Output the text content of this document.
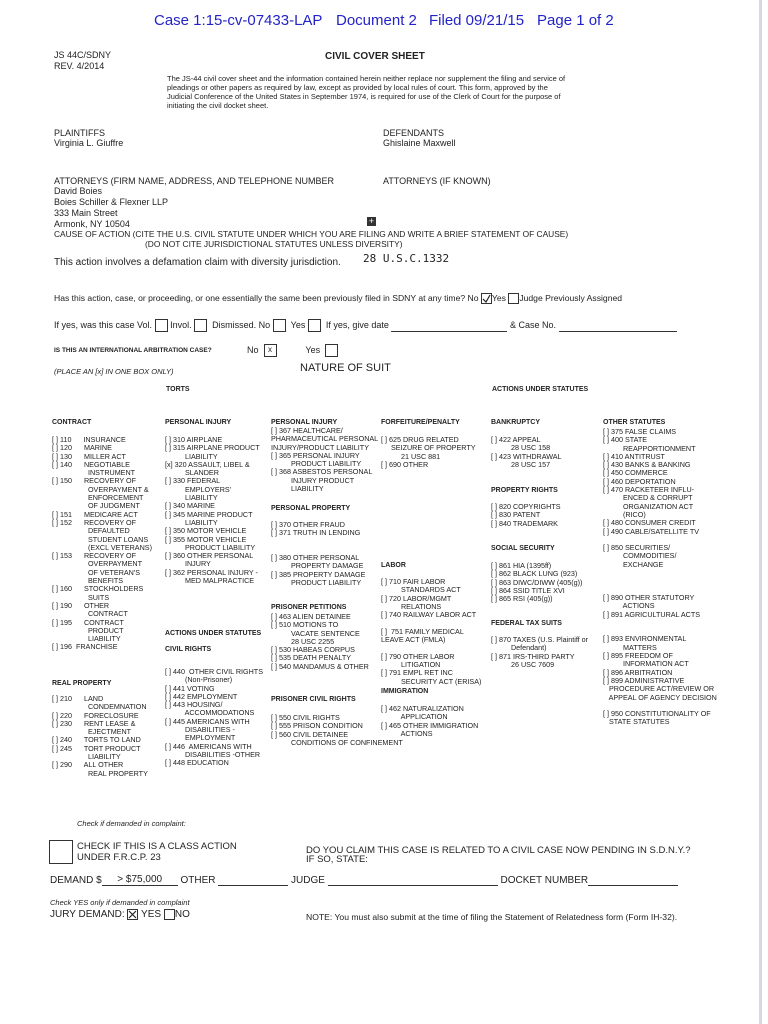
Case 1:15-cv-07433-LAP Document 2 Filed 09/21/15 Page 1 of 2
JS 44C/SDNY
REV. 4/2014
CIVIL COVER SHEET
The JS-44 civil cover sheet and the information contained herein neither replace nor supplement the filing and service of
pleadings or other papers as required by law, except as provided by local rules of court. This form, approved by the
Judicial Conference of the United States in September 1974, is required for use of the Clerk of Court for the purpose of
initiating the civil docket sheet.
PLAINTIFFS
Virginia L. Giuffre
DEFENDANTS
Ghislaine Maxwell
ATTORNEYS (FIRM NAME, ADDRESS, AND TELEPHONE NUMBER	ATTORNEYS (IF KNOWN)
David Boies
Boies Schiller & Flexner LLP
333 Main Street
Armonk, NY 10504	+
CAUSE OF ACTION (CITE THE U.S. CIVIL STATUTE UNDER WHICH YOU ARE FILING AND WRITE A BRIEF STATEMENT OF CAUSE)
(DO NOT CITE JURISDICTIONAL STATUTES UNLESS DIVERSITY)
This action involves a defamation claim with diversity jurisdiction. 28 U.S.C.1332
Has this action, case, or proceeding, or one essentially the same been previously filed in SDNY at any time? No Yes Judge Previously Assigned
If yes, was this case Vol. Invol. Dismissed. No Yes If yes, give date	& Case No.
IS THIS AN INTERNATIONAL ARBITRATION CASE?	No x	Yes
(PLACE AN [x] IN ONE BOX ONLY)	NATURE OF SUIT
TORTS	ACTIONS UNDER STATUTES
CONTRACT
[ ] 110      INSURANCE
[ ] 120      MARINE
[ ] 130      MILLER ACT
[ ] 140      NEGOTIABLE
INSTRUMENT
[ ] 150      RECOVERY OF
OVERPAYMENT &
ENFORCEMENT
OF JUDGMENT
[ ] 151      MEDICARE ACT
[ ] 152      RECOVERY OF
DEFAULTED
STUDENT LOANS
(EXCL VETERANS)
[ ] 153      RECOVERY OF
OVERPAYMENT
OF VETERAN'S
BENEFITS
[ ] 160      STOCKHOLDERS
SUITS
[ ] 190      OTHER
CONTRACT
[ ] 195      CONTRACT
PRODUCT
LIABILITY
[ ] 196  FRANCHISE
REAL PROPERTY
[ ] 210      LAND
CONDEMNATION
[ ] 220      FORECLOSURE
[ ] 230      RENT LEASE &
EJECTMENT
[ ] 240      TORTS TO LAND
[ ] 245      TORT PRODUCT
LIABILITY
[ ] 290      ALL OTHER
REAL PROPERTY
PERSONAL INJURY
[ ] 310 AIRPLANE
[ ] 315 AIRPLANE PRODUCT
LIABILITY
[x] 320 ASSAULT, LIBEL &
SLANDER
[ ] 330 FEDERAL
EMPLOYERS'
LIABILITY
[ ] 340 MARINE
[ ] 345 MARINE PRODUCT
LIABILITY
[ ] 350 MOTOR VEHICLE
[ ] 355 MOTOR VEHICLE
PRODUCT LIABILITY
[ ] 360 OTHER PERSONAL
INJURY
[ ] 362 PERSONAL INJURY -
MED MALPRACTICE
ACTIONS UNDER STATUTES
CIVIL RIGHTS
[ ] 440  OTHER CIVIL RIGHTS
(Non-Prisoner)
[ ] 441 VOTING
[ ] 442 EMPLOYMENT
[ ] 443 HOUSING/
ACCOMMODATIONS
[ ] 445 AMERICANS WITH
DISABILITIES -
EMPLOYMENT
[ ] 446  AMERICANS WITH
DISABILITIES -OTHER
[ ] 448 EDUCATION
PERSONAL INJURY
[ ] 367 HEALTHCARE/
PHARMACEUTICAL PERSONAL
INJURY/PRODUCT LIABILITY
[ ] 365 PERSONAL INJURY
PRODUCT LIABILITY
[ ] 368 ASBESTOS PERSONAL
INJURY PRODUCT
LIABILITY
PERSONAL PROPERTY
[ ] 370 OTHER FRAUD
[ ] 371 TRUTH IN LENDING

[ ] 380 OTHER PERSONAL
PROPERTY DAMAGE
[ ] 385 PROPERTY DAMAGE
PRODUCT LIABILITY
PRISONER PETITIONS
[ ] 463 ALIEN DETAINEE
[ ] 510 MOTIONS TO
VACATE SENTENCE
28 USC 2255
[ ] 530 HABEAS CORPUS
[ ] 535 DEATH PENALTY
[ ] 540 MANDAMUS & OTHER
PRISONER CIVIL RIGHTS
[ ] 550 CIVIL RIGHTS
[ ] 555 PRISON CONDITION
[ ] 560 CIVIL DETAINEE
CONDITIONS OF CONFINEMENT
FORFEITURE/PENALTY
[ ] 625 DRUG RELATED
SEIZURE OF PROPERTY
21 USC 881
[ ] 690 OTHER
LABOR
[ ] 710 FAIR LABOR
STANDARDS ACT
[ ] 720 LABOR/MGMT
RELATIONS
[ ] 740 RAILWAY LABOR ACT

[ ]  751 FAMILY MEDICAL
LEAVE ACT (FMLA)

[ ] 790 OTHER LABOR
LITIGATION
[ ] 791 EMPL RET INC
SECURITY ACT (ERISA)
IMMIGRATION
[ ] 462 NATURALIZATION
APPLICATION
[ ] 465 OTHER IMMIGRATION
ACTIONS
BANKRUPTCY
[ ] 422 APPEAL
28 USC 158
[ ] 423 WITHDRAWAL
28 USC 157
PROPERTY RIGHTS
[ ] 820 COPYRIGHTS
[ ] 830 PATENT
[ ] 840 TRADEMARK
SOCIAL SECURITY
[ ] 861 HIA (1395ff)
[ ] 862 BLACK LUNG (923)
[ ] 863 DIWC/DIWW (405(g))
[ ] 864 SSID TITLE XVI
[ ] 865 RSI (405(g))
FEDERAL TAX SUITS
[ ] 870 TAXES (U.S. Plaintiff or
Defendant)
[ ] 871 IRS-THIRD PARTY
26 USC 7609
OTHER STATUTES
[ ] 375 FALSE CLAIMS
[ ] 400 STATE
REAPPORTIONMENT
[ ] 410 ANTITRUST
[ ] 430 BANKS & BANKING
[ ] 450 COMMERCE
[ ] 460 DEPORTATION
[ ] 470 RACKETEER INFLU-
ENCED & CORRUPT
ORGANIZATION ACT
(RICO)
[ ] 480 CONSUMER CREDIT
[ ] 490 CABLE/SATELLITE TV

[ ] 850 SECURITIES/
COMMODITIES/
EXCHANGE

[ ] 890 OTHER STATUTORY
ACTIONS
[ ] 891 AGRICULTURAL ACTS

[ ] 893 ENVIRONMENTAL
MATTERS
[ ] 895 FREEDOM OF
INFORMATION ACT
[ ] 896 ARBITRATION
[ ] 899 ADMINISTRATIVE
PROCEDURE ACT/REVIEW OR
APPEAL OF AGENCY DECISION

[ ] 950 CONSTITUTIONALITY OF
STATE STATUTES
Check if demanded in complaint:
CHECK IF THIS IS A CLASS ACTION
UNDER F.R.C.P. 23
DO YOU CLAIM THIS CASE IS RELATED TO A CIVIL CASE NOW PENDING IN S.D.N.Y.?
IF SO, STATE:
DEMAND $ > $75,000 OTHER	JUDGE	DOCKET NUMBER
Check YES only if demanded in complaint
JURY DEMAND: YES NO	NOTE: You must also submit at the time of filing the Statement of Relatedness form (Form IH-32).
